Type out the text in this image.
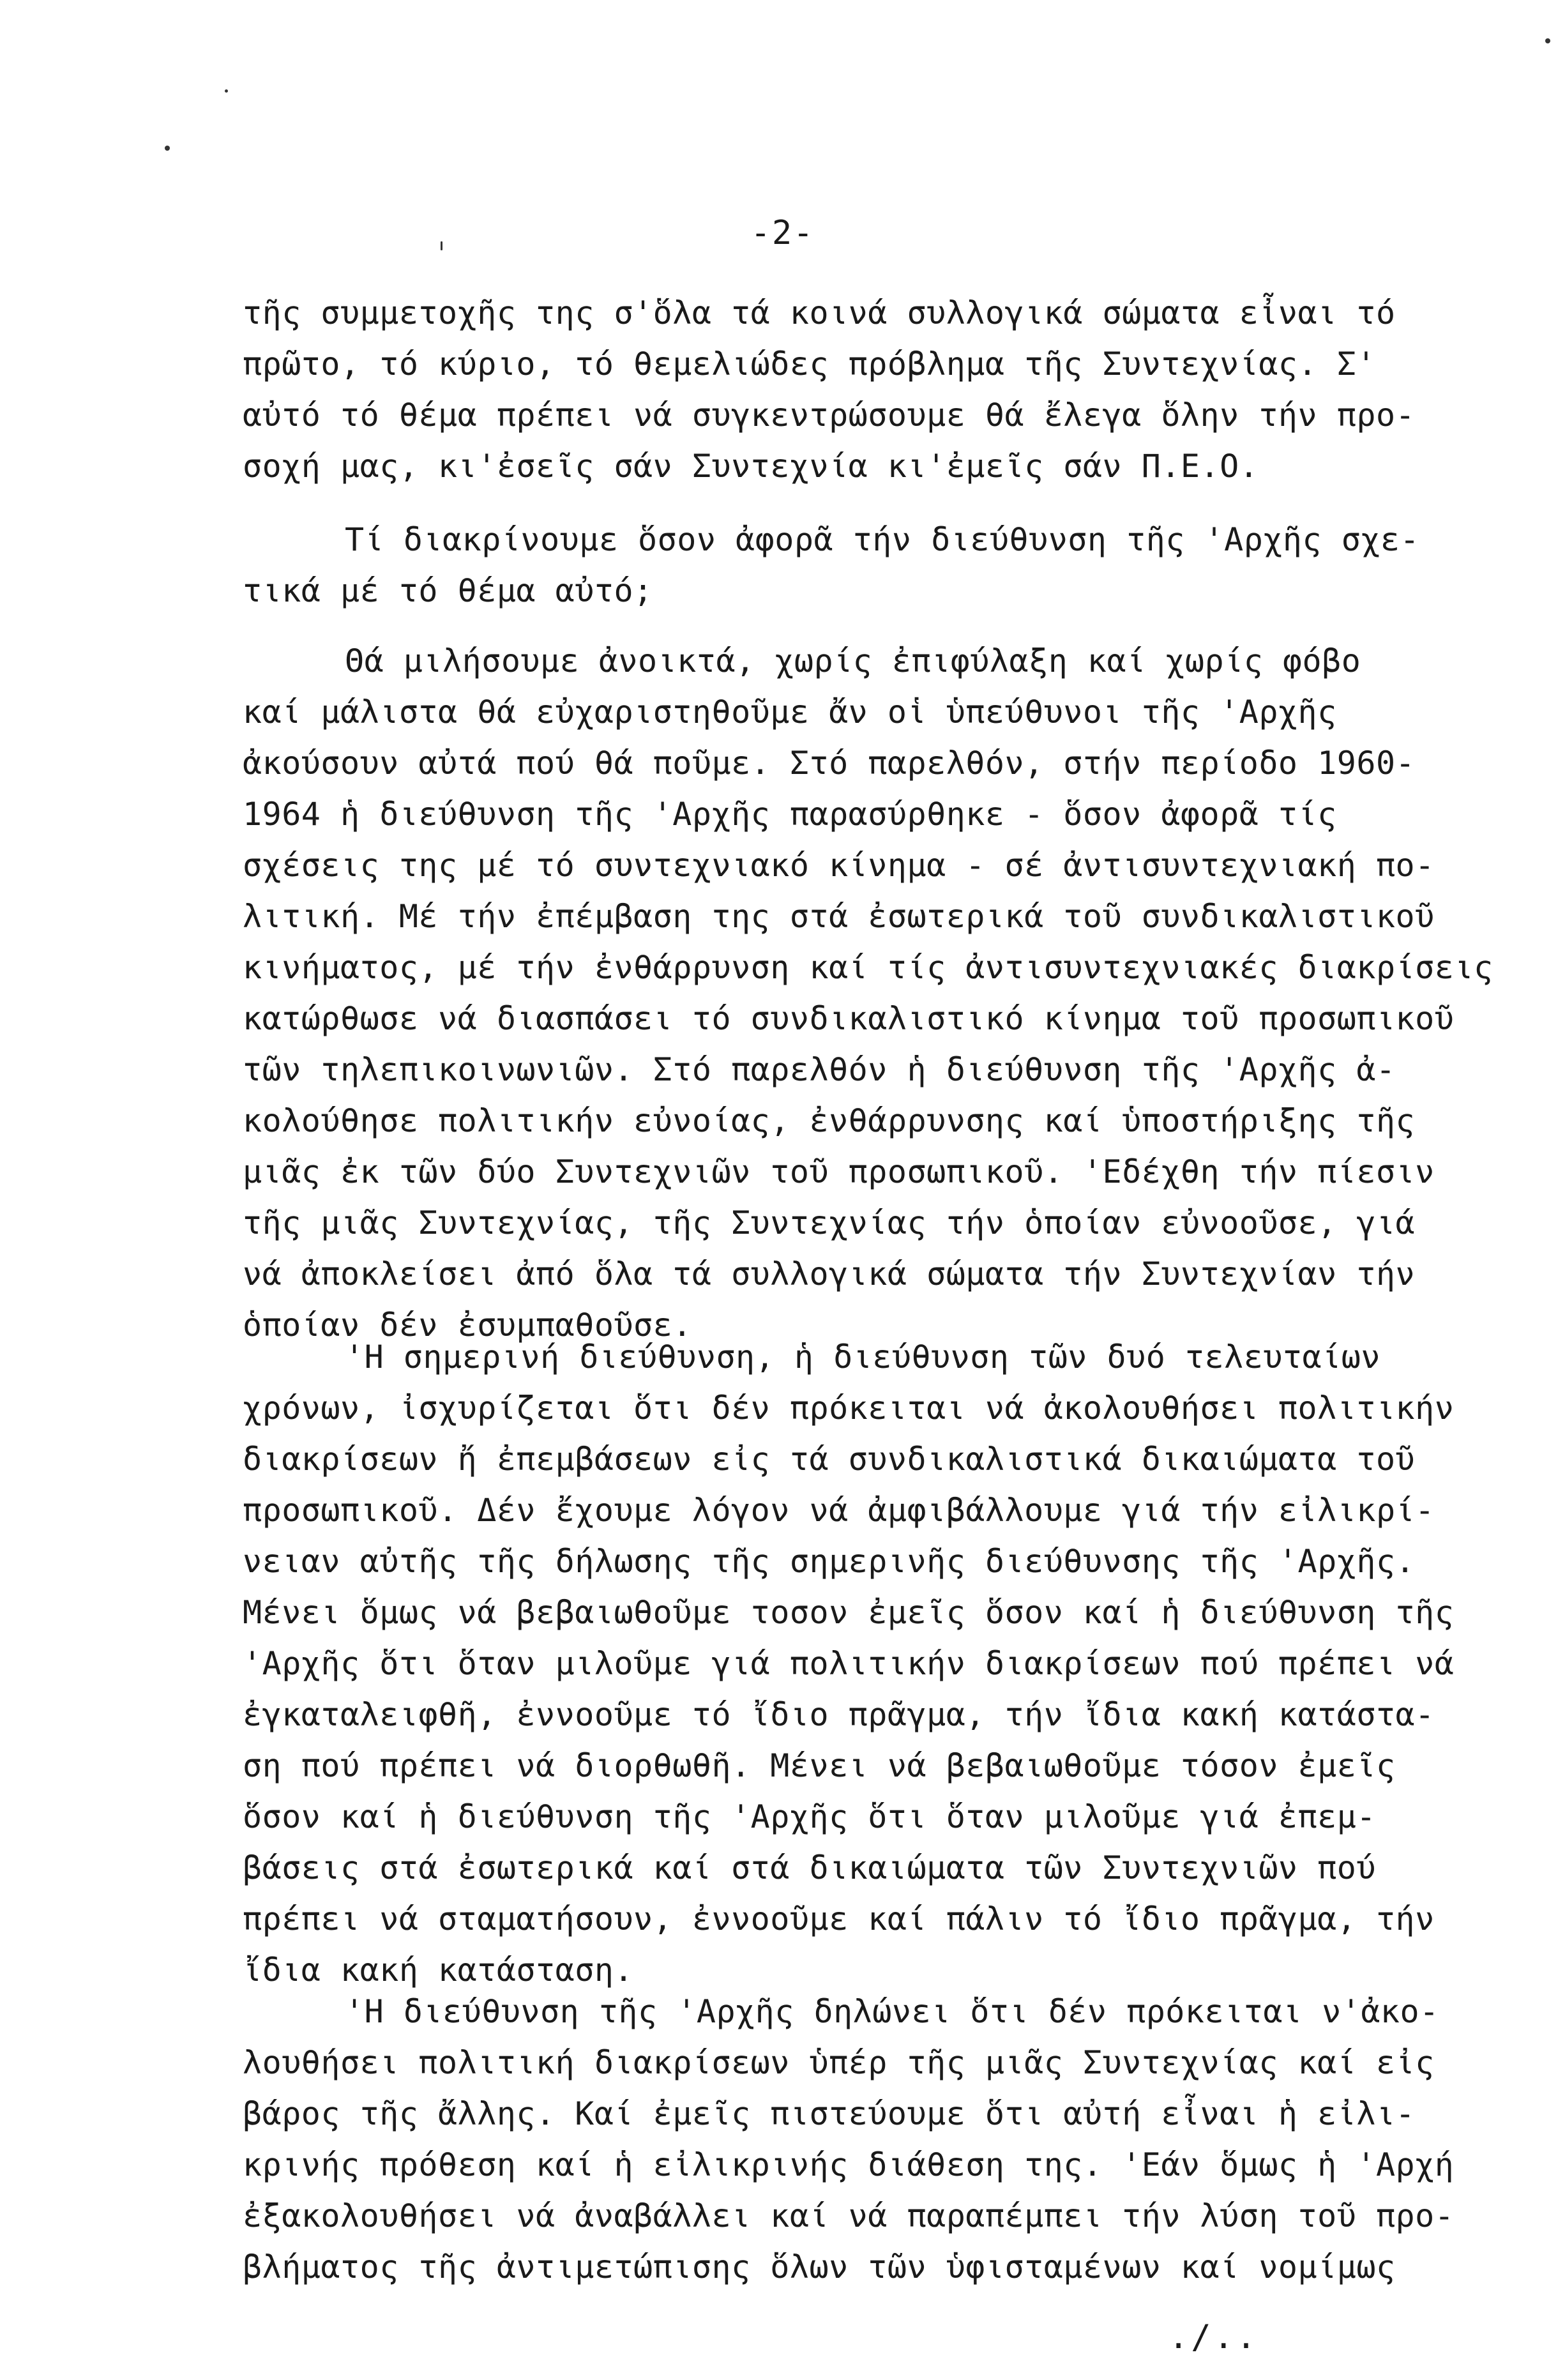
-2-
τῆς συμμετοχῆς της σ'ὅλα τά κοινά συλλογικά σώματα εἶναι τό
πρῶτο, τό κύριο, τό θεμελιώδες πρόβλημα τῆς Συντεχνίας. Σ'
αὐτό τό θέμα πρέπει νά συγκεντρώσουμε θά ἔλεγα ὅλην τήν προ-
σοχή μας, κι'ἐσεῖς σάν Συντεχνία κι'ἐμεῖς σάν Π.Ε.Ο.
Τί διακρίνουμε ὅσον ἀφορᾶ τήν διεύθυνση τῆς 'Αρχῆς σχε-
τικά μέ τό θέμα αὐτό;
Θά μιλήσουμε ἀνοικτά, χωρίς ἐπιφύλαξη καί χωρίς φόβο
καί μάλιστα θά εὐχαριστηθοῦμε ἄν οἱ ὑπεύθυνοι τῆς 'Αρχῆς
ἀκούσουν αὐτά πού θά ποῦμε. Στό παρελθόν, στήν περίοδο 1960-
1964 ἡ διεύθυνση τῆς 'Αρχῆς παρασύρθηκε - ὅσον ἀφορᾶ τίς
σχέσεις της μέ τό συντεχνιακό κίνημα - σέ ἀντισυντεχνιακή πο-
λιτική. Μέ τήν ἐπέμβαση της στά ἐσωτερικά τοῦ συνδικαλιστικοῦ
κινήματος, μέ τήν ἐνθάρρυνση καί τίς ἀντισυντεχνιακές διακρίσεις
κατώρθωσε νά διασπάσει τό συνδικαλιστικό κίνημα τοῦ προσωπικοῦ
τῶν τηλεπικοινωνιῶν. Στό παρελθόν ἡ διεύθυνση τῆς 'Αρχῆς ἀ-
κολούθησε πολιτικήν εὐνοίας, ἐνθάρρυνσης καί ὑποστήριξης τῆς
μιᾶς ἐκ τῶν δύο Συντεχνιῶν τοῦ προσωπικοῦ. 'Εδέχθη τήν πίεσιν
τῆς μιᾶς Συντεχνίας, τῆς Συντεχνίας τήν ὁποίαν εὐνοοῦσε, γιά
νά ἀποκλείσει ἀπό ὅλα τά συλλογικά σώματα τήν Συντεχνίαν τήν
ὁποίαν δέν ἐσυμπαθοῦσε.
'Η σημερινή διεύθυνση, ἡ διεύθυνση τῶν δυό τελευταίων
χρόνων, ἰσχυρίζεται ὅτι δέν πρόκειται νά ἀκολουθήσει πολιτικήν
διακρίσεων ἤ ἐπεμβάσεων εἰς τά συνδικαλιστικά δικαιώματα τοῦ
προσωπικοῦ. Δέν ἔχουμε λόγον νά ἀμφιβάλλουμε γιά τήν εἰλικρί-
νειαν αὐτῆς τῆς δήλωσης τῆς σημερινῆς διεύθυνσης τῆς 'Αρχῆς.
Μένει ὅμως νά βεβαιωθοῦμε τοσον ἐμεῖς ὅσον καί ἡ διεύθυνση τῆς
'Αρχῆς ὅτι ὅταν μιλοῦμε γιά πολιτικήν διακρίσεων πού πρέπει νά
ἐγκαταλειφθῆ, ἐννοοῦμε τό ἴδιο πρᾶγμα, τήν ἴδια κακή κατάστα-
ση πού πρέπει νά διορθωθῆ. Μένει νά βεβαιωθοῦμε τόσον ἐμεῖς
ὅσον καί ἡ διεύθυνση τῆς 'Αρχῆς ὅτι ὅταν μιλοῦμε γιά ἐπεμ-
βάσεις στά ἐσωτερικά καί στά δικαιώματα τῶν Συντεχνιῶν πού
πρέπει νά σταματήσουν, ἐννοοῦμε καί πάλιν τό ἴδιο πρᾶγμα, τήν
ἴδια κακή κατάσταση.
'Η διεύθυνση τῆς 'Αρχῆς δηλώνει ὅτι δέν πρόκειται ν'ἀκο-
λουθήσει πολιτική διακρίσεων ὑπέρ τῆς μιᾶς Συντεχνίας καί εἰς
βάρος τῆς ἄλλης. Καί ἐμεῖς πιστεύουμε ὅτι αὐτή εἶναι ἡ εἰλι-
κρινής πρόθεση καί ἡ εἰλικρινής διάθεση της. 'Εάν ὅμως ἡ 'Αρχή
ἐξακολουθήσει νά ἀναβάλλει καί νά παραπέμπει τήν λύση τοῦ προ-
βλήματος τῆς ἀντιμετώπισης ὅλων τῶν ὑφισταμένων καί νομίμως
./..
